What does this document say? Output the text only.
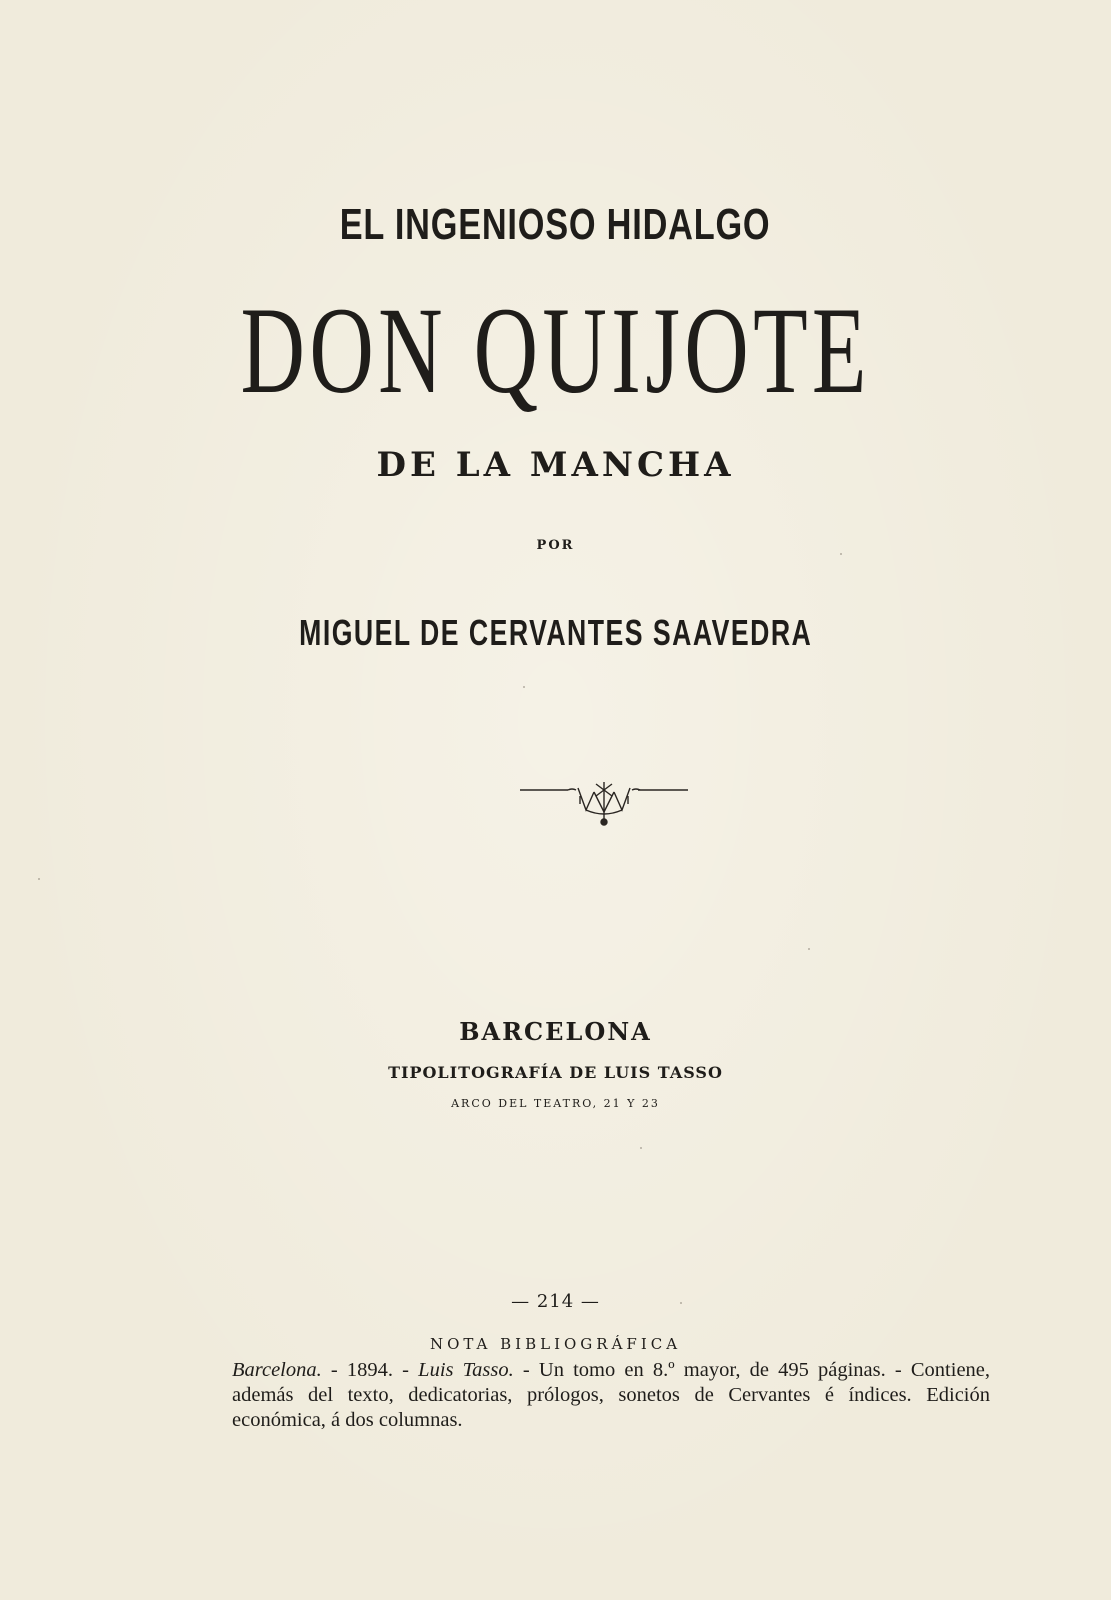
EL INGENIOSO HIDALGO
DON QUIJOTE
DE LA MANCHA
POR
MIGUEL DE CERVANTES SAAVEDRA
BARCELONA
TIPOLITOGRAFÍA DE LUIS TASSO
ARCO DEL TEATRO, 21 Y 23
— 214 —
NOTA BIBLIOGRÁFICA

Barcelona. - 1894. - Luis Tasso. - Un tomo en 8.º mayor, de 495 páginas. - Contiene, además del texto, dedicatorias, prólogos, sonetos de Cervantes é índices. Edición económica, á dos columnas.
